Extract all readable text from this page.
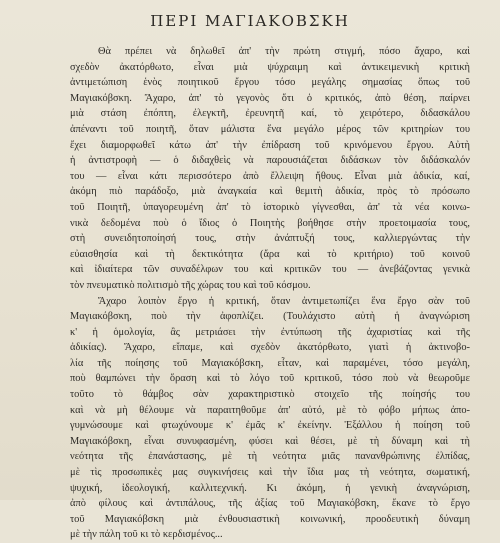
ΠΕΡΙ ΜΑΓΙΑΚΟΒΣΚΗ
Θὰ πρέπει νὰ δηλωθεῖ ἀπ' τὴν πρώτη στιγμή, πόσο ἄχαρο, καὶ
σχεδὸν ἀκατόρθωτο, εἶναι μιὰ ψύχραιμη καὶ ἀντικειμενικὴ κριτικὴ
ἀντιμετώπιση ἑνὸς ποιητικοῦ ἔργου τόσο μεγάλης σημασίας ὅπως τοῦ
Μαγιακόβσκη. Ἄχαρο, ἀπ' τὸ γεγονὸς ὅτι ὁ κριτικός, ἀπὸ θέση, παίρνει
μιὰ στάση ἐπόπτη, ἐλεγκτῆ, ἐρευνητῆ καί, τὸ χειρότερο, διδασκάλου
ἀπέναντι τοῦ ποιητῆ, ὅταν μάλιστα ἕνα μεγάλο μέρος τῶν κριτηρίων του
ἔχει διαμορφωθεῖ κάτω ἀπ' τὴν ἐπίδραση τοῦ κρινόμενου ἔργου. Αὐτὴ
ἡ ἀντιστροφὴ — ὁ διδαχθεὶς νὰ παρουσιάζεται διδάσκων τὸν διδάσκαλόν
του — εἶναι κάτι περισσότερο ἀπὸ ἔλλειψη ἤθους. Εἶναι μιὰ ἀδικία, καί,
ἀκόμη πιὸ παράδοξο, μιὰ ἀναγκαία καὶ θεμιτὴ ἀδικία, πρὸς τὸ πρόσωπο
τοῦ Ποιητῆ, ὑπαγορευμένη ἀπ' τὸ ἱστορικὸ γίγνεσθαι, ἀπ' τὰ νέα κοινω-
νικὰ δεδομένα ποὺ ὁ ἴδιος ὁ Ποιητὴς βοήθησε στὴν προετοιμασία τους,
στὴ συνειδητοποίησή τους, στὴν ἀνάπτυξή τους, καλλιεργώντας τὴν
εὐαισθησία καὶ τὴ δεκτικότητα (ἄρα καὶ τὸ κριτήριο) τοῦ κοινοῦ
καὶ ἰδιαίτερα τῶν συναδέλφων του καὶ κριτικῶν του — ἀνεβάζοντας γενικὰ
τὸν πνευματικὸ πολιτισμὸ τῆς χώρας του καὶ τοῦ κόσμου.
Ἄχαρο λοιπὸν ἔργο ἡ κριτική, ὅταν ἀντιμετωπίζει ἕνα ἔργο σὰν τοῦ
Μαγιακόβσκη, ποὺ τὴν ἀφοπλίζει. (Τουλάχιστο αὐτὴ ἡ ἀναγνώριση
κ' ἡ ὁμολογία, ἂς μετριάσει τὴν ἐντύπωση τῆς ἀχαριστίας καὶ τῆς
ἀδικίας). Ἄχαρο, εἴπαμε, καὶ σχεδὸν ἀκατόρθωτο, γιατὶ ἡ ἀκτινοβο-
λία τῆς ποίησης τοῦ Μαγιακόβσκη, εἶταν, καὶ παραμένει, τόσο μεγάλη,
ποὺ θαμπώνει τὴν ὅραση καὶ τὸ λόγο τοῦ κριτικοῦ, τόσο ποὺ νὰ θεωροῦμε
τοῦτο τὸ θάμβος σὰν χαρακτηριστικὸ στοιχεῖο τῆς ποίησής του
καὶ νὰ μὴ θέλουμε νὰ παραιτηθοῦμε ἀπ' αὐτό, μὲ τὸ φόβο μήπως ἀπο-
γυμνώσουμε καὶ φτωχύνουμε κ' ἐμᾶς κ' ἐκείνην. Ἐξάλλου ἡ ποίηση τοῦ
Μαγιακόβσκη, εἶναι συνυφασμένη, φύσει καὶ θέσει, μὲ τὴ δύναμη καὶ τὴ
νεότητα τῆς ἐπανάστασης, μὲ τὴ νεότητα μιᾶς πανανθρώπινης ἐλπίδας,
μὲ τὶς προσωπικὲς μας συγκινήσεις καὶ τὴν ἴδια μας τὴ νεότητα, σωματική,
ψυχική, ἰδεολογική, καλλιτεχνική. Κι ἀκόμη, ἡ γενικὴ ἀναγνώριση,
ἀπὸ φίλους καὶ ἀντιπάλους, τῆς ἀξίας τοῦ Μαγιακόβσκη, ἔκανε τὸ ἔργο
τοῦ Μαγιακόβσκη μιὰ ἐνθουσιαστικὴ κοινωνική, προοδευτικὴ δύναμη
μὲ τὴν πάλη τοῦ κι τὸ κερδισμένος...
